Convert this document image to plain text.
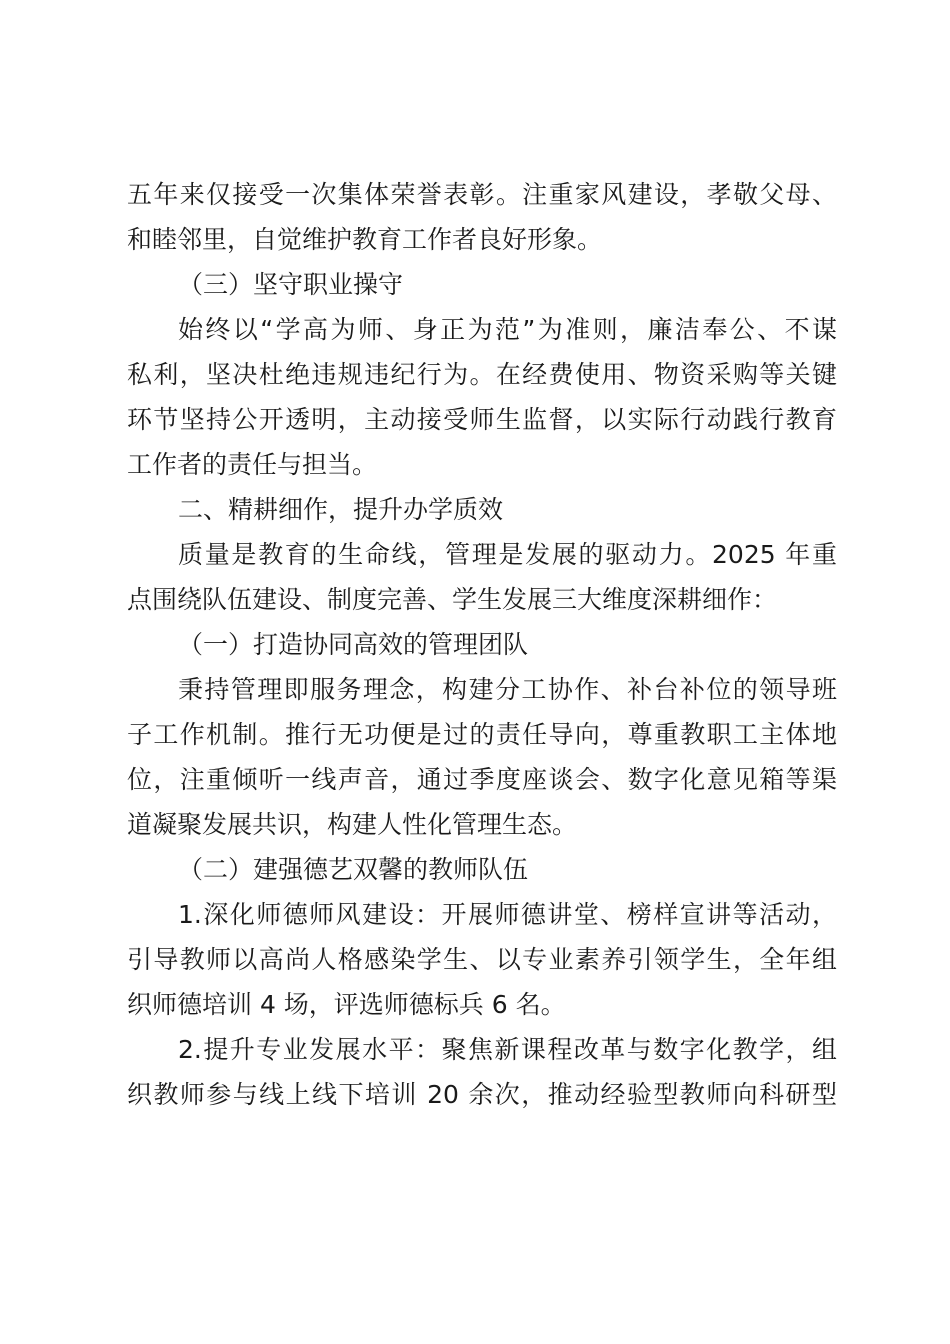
五年来仅接受一次集体荣誉表彰。注重家风建设，孝敬父母、
和睦邻里，自觉维护教育工作者良好形象。
（三）坚守职业操守
始终以“学高为师、身正为范”为准则，廉洁奉公、不谋
私利，坚决杜绝违规违纪行为。在经费使用、物资采购等关键
环节坚持公开透明，主动接受师生监督，以实际行动践行教育
工作者的责任与担当。
二、精耕细作，提升办学质效
质量是教育的生命线，管理是发展的驱动力。2025 年重
点围绕队伍建设、制度完善、学生发展三大维度深耕细作：
（一）打造协同高效的管理团队
秉持管理即服务理念，构建分工协作、补台补位的领导班
子工作机制。推行无功便是过的责任导向，尊重教职工主体地
位，注重倾听一线声音，通过季度座谈会、数字化意见箱等渠
道凝聚发展共识，构建人性化管理生态。
（二）建强德艺双馨的教师队伍
1.深化师德师风建设：开展师德讲堂、榜样宣讲等活动，
引导教师以高尚人格感染学生、以专业素养引领学生，全年组
织师德培训 4 场，评选师德标兵 6 名。
2.提升专业发展水平：聚焦新课程改革与数字化教学，组
织教师参与线上线下培训 20 余次，推动经验型教师向科研型
